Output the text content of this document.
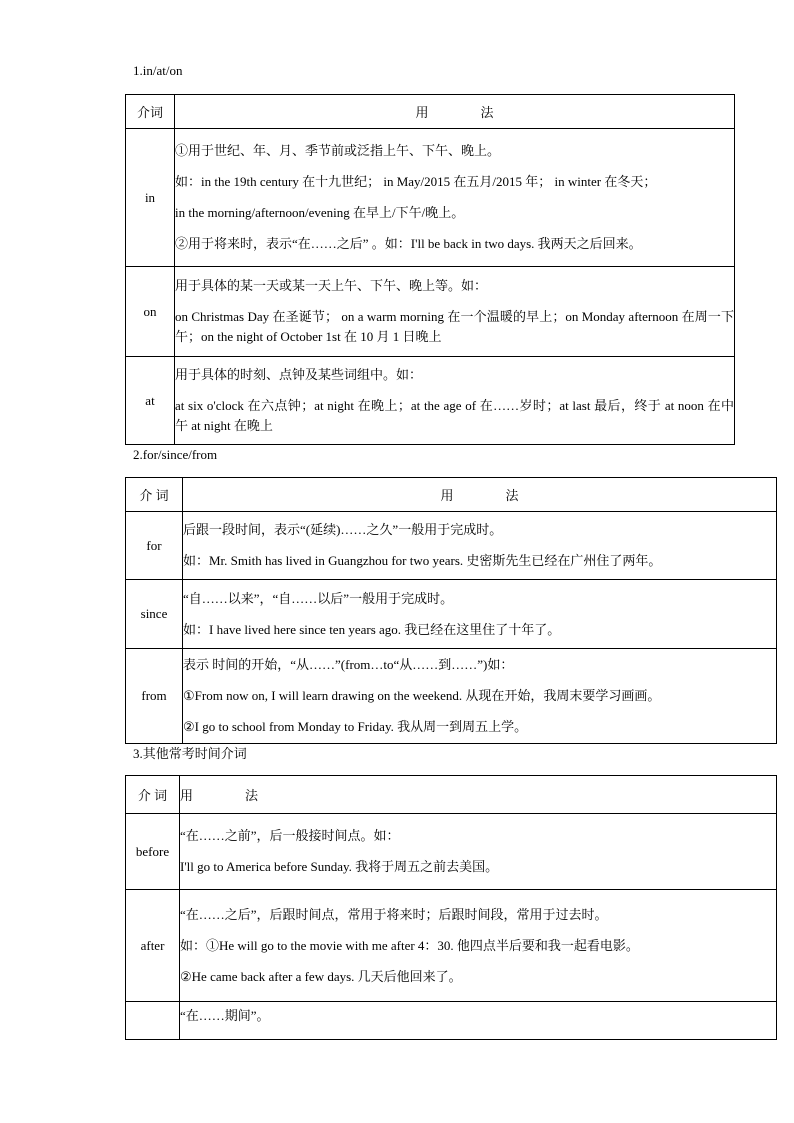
1.in/at/on
介词	用　　　　法
in	①用于世纪、年、月、季节前或泛指上午、下午、晚上。

如：in the 19th century 在十九世纪； in May/2015 在五月/2015 年； in winter 在冬天；

in the morning/afternoon/evening 在早上/下午/晚上。

②用于将来时，表示“在……之后” 。如：I'll be back in two days. 我两天之后回来。

on	用于具体的某一天或某一天上午、下午、晚上等。如：

on Christmas Day 在圣诞节； on a warm morning 在一个温暖的早上；on Monday afternoon 在周一下午；on the night of October 1st 在 10 月 1 日晚上

at	用于具体的时刻、点钟及某些词组中。如：

at six o'clock 在六点钟；at night 在晚上；at the age of 在……岁时；at last 最后，终于 at noon 在中午 at night 在晚上

2.for/since/from
介 词	用　　　　法
for	后跟一段时间，表示“(延续)……之久”一般用于完成时。

如：Mr. Smith has lived in Guangzhou for two years. 史密斯先生已经在广州住了两年。

since	“自……以来”，“自……以后”一般用于完成时。

如：I have lived here since ten years ago. 我已经在这里住了十年了。

from	表示 时间的开始，“从……”(from…to“从……到……”)如：

①From now on, I will learn drawing on the weekend. 从现在开始，我周末要学习画画。

②I go to school from Monday to Friday. 我从周一到周五上学。

3.其他常考时间介词
介 词	用　　　　法
before	“在……之前”，后一般接时间点。如：

I'll go to America before Sunday. 我将于周五之前去美国。

after	“在……之后”，后跟时间点，常用于将来时；后跟时间段，常用于过去时。

如：①He will go to the movie with me after 4：30. 他四点半后要和我一起看电影。

②He came back after a few days. 几天后他回来了。

	“在……期间”。
